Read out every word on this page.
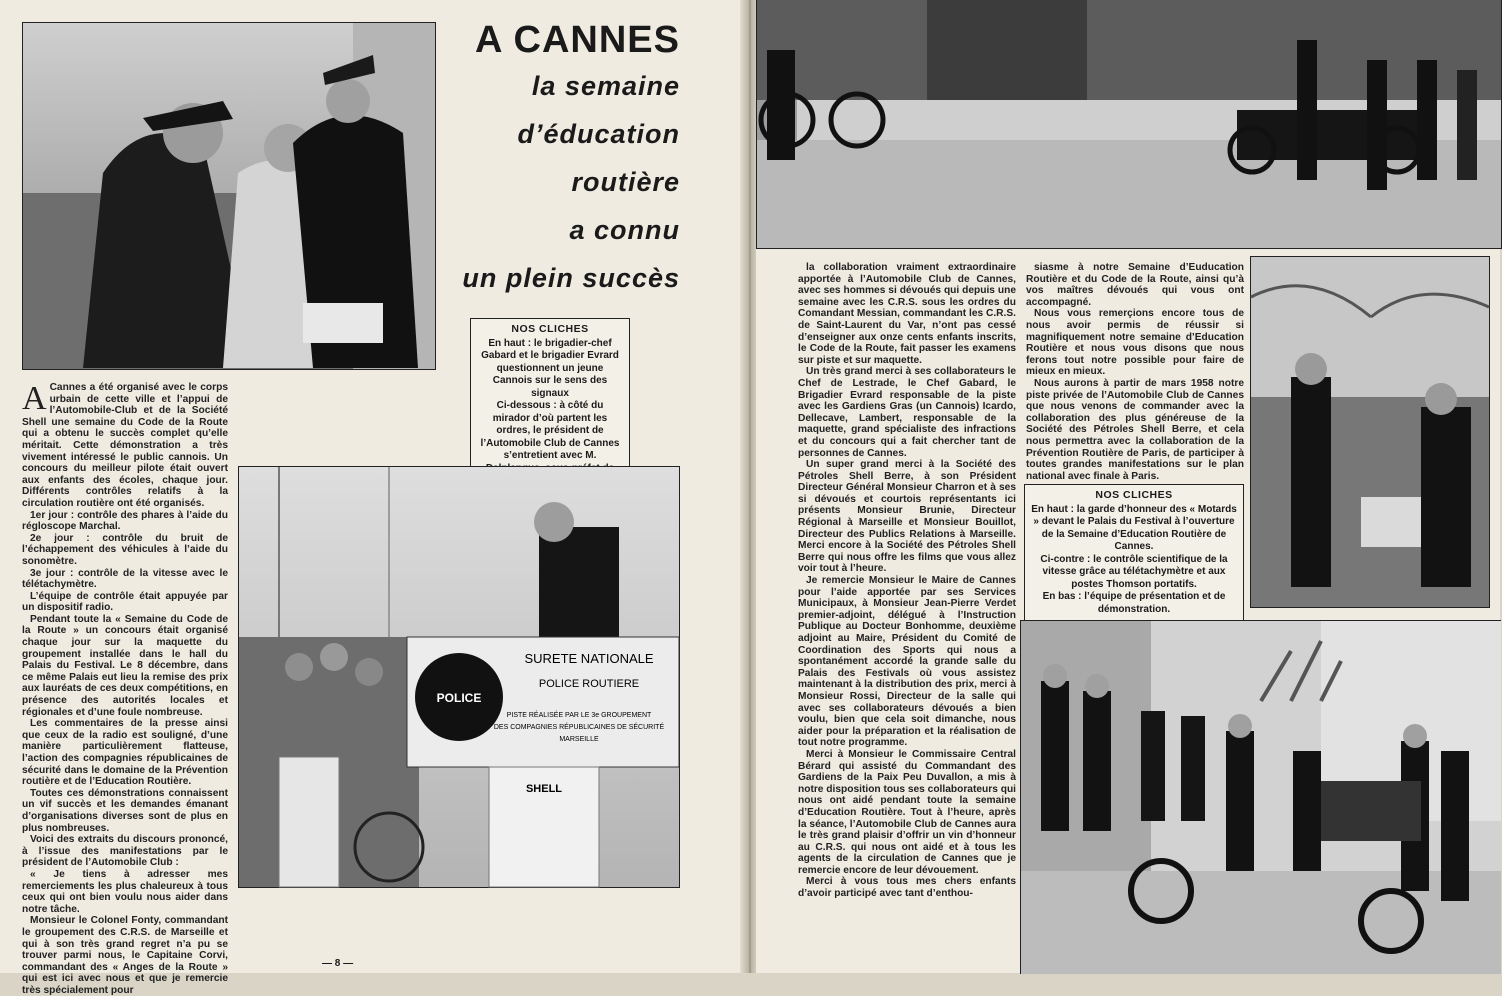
A CANNES
la semaine
d’éducation
routière
a connu
un plein succès
NOS CLICHES

En haut : le brigadier-chef Gabard et le brigadier Evrard questionnent un jeune Cannois sur le sens des signaux

Ci-dessous : à côté du mirador d’où partent les ordres, le président de l’Automobile Club de Cannes s’entretient avec M.

A Cannes a été organisé avec le corps urbain de cette ville et l’appui de l’Automobile-Club et de la Société Shell une semaine du Code de la Route qui a obtenu le succès complet qu’elle méritait. Cette démonstration a très vivement intéressé le public cannois. Un concours du meilleur pilote était ouvert aux enfants des écoles, chaque jour. Différents contrôles relatifs à la circulation routière ont été organisés.

1er jour : contrôle des phares à l’aide du régloscope Marchal.

2e jour : contrôle du bruit de l’échappement des véhicules à l’aide du sonomètre.

3e jour : contrôle de la vitesse avec le télétachymètre.

L’équipe de contrôle était appuyée par un dispositif radio.

Pendant toute la « Semaine du Code de la Route » un concours était organisé chaque jour sur la maquette du groupement installée dans le hall du Palais du Festival. Le 8 décembre, dans ce même Palais eut lieu la remise des prix aux lauréats de ces deux compétitions, en présence des autorités locales et régionales et d’une foule nombreuse.

Les commentaires de la presse ainsi que ceux de la radio est souligné, d’une manière particulièrement flatteuse, l’action des compagnies républicaines de sécurité dans le domaine de la Prévention routière et de l’Education Routière.

Toutes ces démonstrations connaissent un vif succès et les demandes émanant d’organisations diverses sont de plus en plus nombreuses.

Voici des extraits du discours prononcé, à l’issue des manifestations par le président de l’Automobile Club :

« Je tiens à adresser mes remerciements les plus chaleureux à tous ceux qui ont bien voulu nous aider dans notre tâche.

Monsieur le Colonel Fonty, commandant le groupement des C.R.S. de Marseille et qui à son très grand regret n’a pu se trouver parmi nous, le Capitaine Corvi, commandant des « Anges de la Route » qui est ici avec nous et que je remercie très spécialement pour

POLICE
SURETE NATIONALE
POLICE ROUTIERE
PISTE RÉALISÉE PAR LE 3e GROUPEMENT
DES COMPAGNIES RÉPUBLICAINES DE SÉCURITÉ
MARSEILLE
SHELL
— 8 —

la collaboration vraiment extraordinaire apportée à l’Automobile Club de Cannes, avec ses hommes si dévoués qui depuis une semaine avec les C.R.S. sous les ordres du Comandant Messian, commandant les C.R.S. de Saint-Laurent du Var, n’ont pas cessé d’enseigner aux onze cents enfants inscrits, le Code de la Route, fait passer les examens sur piste et sur maquette.

Un très grand merci à ses collaborateurs le Chef de Lestrade, le Chef Gabard, le Brigadier Evrard responsable de la piste avec les Gardiens Gras (un Cannois) Icardo, Dellecave, Lambert, responsable de la maquette, grand spécialiste des infractions et du concours qui a fait chercher tant de personnes de Cannes.

Un super grand merci à la Société des Pétroles Shell Berre, à son Président Directeur Général Monsieur Charron et à ses si dévoués et courtois représentants ici présents Monsieur Brunie, Directeur Régional à Marseille et Monsieur Bouillot, Directeur des Publics Relations à Marseille. Merci encore à la Société des Pétroles Shell Berre qui nous offre les films que vous allez voir tout à l’heure.

Je remercie Monsieur le Maire de Cannes pour l’aide apportée par ses Services Municipaux, à Monsieur Jean-Pierre Verdet premier-adjoint, délégué à l’Instruction Publique au Docteur Bonhomme, deuxième adjoint au Maire, Président du Comité de Coordination des Sports qui nous a spontanément accordé la grande salle du Palais des Festivals où vous assistez maintenant à la distribution des prix, merci à Monsieur Rossi, Directeur de la salle qui avec ses collaborateurs dévoués a bien voulu, bien que cela soit dimanche, nous aider pour la préparation et la réalisation de tout notre programme.

Merci à Monsieur le Commissaire Central Bérard qui assisté du Commandant des Gardiens de la Paix Peu Duvallon, a mis à notre disposition tous ses collaborateurs qui nous ont aidé pendant toute la semaine d’Education Routière. Tout à l’heure, après la séance, l’Automobile Club de Cannes aura le très grand plaisir d’offrir un vin d’honneur au C.R.S. qui nous ont aidé et à tous les agents de la circulation de Cannes que je remercie encore de leur dévouement.

Merci à vous tous mes chers enfants d’avoir participé avec tant d’enthou-

siasme à notre Semaine d’Euducation Routière et du Code de la Route, ainsi qu’à vos maîtres dévoués qui vous ont accompagné.

Nous vous remerçions encore tous de nous avoir permis de réussir si magnifiquement notre semaine d’Education Routière et nous vous disons que nous ferons tout notre possible pour faire de mieux en mieux.

Nous aurons à partir de mars 1958 notre piste privée de l’Automobile Club de Cannes que nous venons de commander avec la collaboration des plus généreuse de la Société des Pétroles Shell Berre, et cela nous permettra avec la collaboration de la Prévention Routière de Paris, de participer à toutes grandes manifestations sur le plan national avec finale à Paris.

NOS CLICHES

En haut : la garde d’honneur des « Motards » devant le Palais du Festival à l’ouverture de la Semaine d’Education Routière de Cannes.

Ci-contre : le contrôle scientifique de la vitesse grâce au télétachymètre et aux postes Thomson portatifs.

En bas : l’équipe de présentation et de démonstration.
